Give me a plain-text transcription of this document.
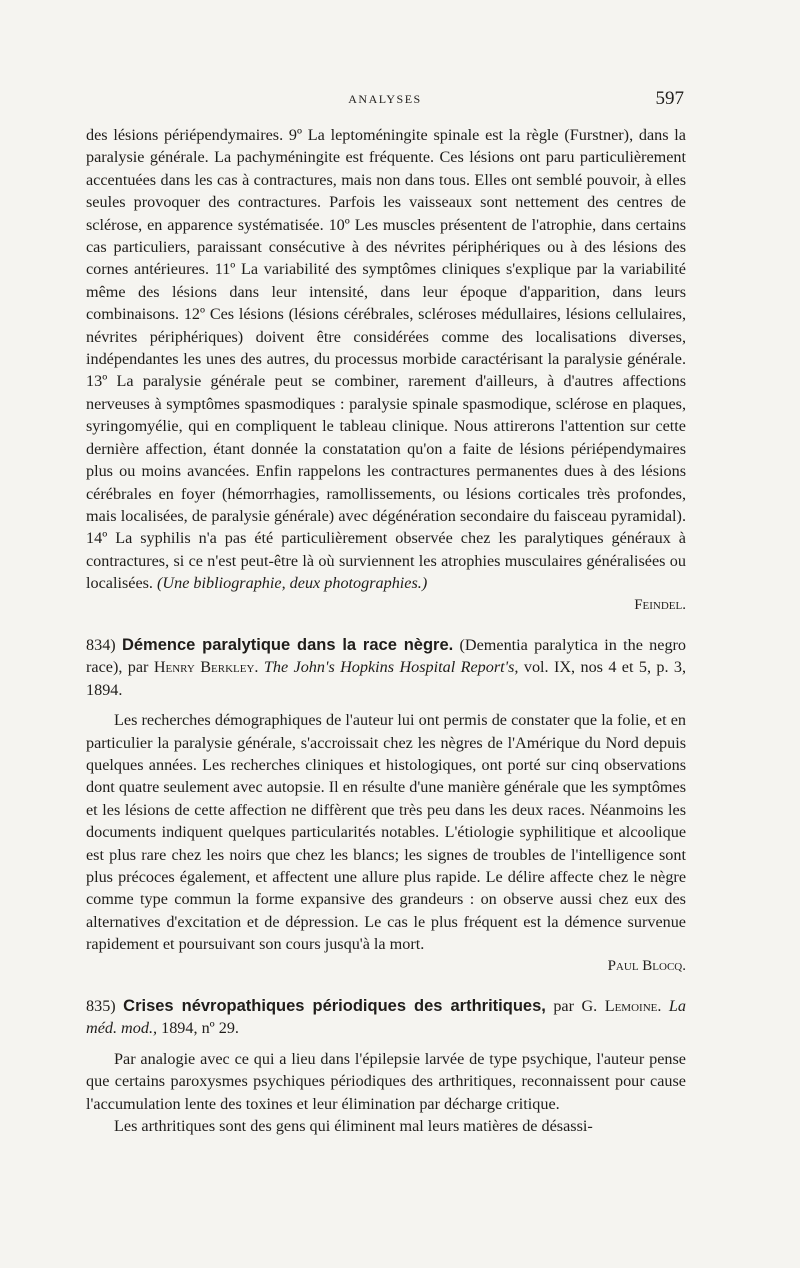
ANALYSES	597

des lésions périépendymaires. 9º La leptoméningite spinale est la règle (Furstner), dans la paralysie générale. La pachyméningite est fréquente. Ces lésions ont paru particulièrement accentuées dans les cas à contractures, mais non dans tous. Elles ont semblé pouvoir, à elles seules provoquer des contractures. Parfois les vaisseaux sont nettement des centres de sclérose, en apparence systématisée. 10º Les muscles présentent de l'atrophie, dans certains cas particuliers, paraissant consécutive à des névrites périphériques ou à des lésions des cornes antérieures. 11º La variabilité des symptômes cliniques s'explique par la variabilité même des lésions dans leur intensité, dans leur époque d'apparition, dans leurs combinaisons. 12º Ces lésions (lésions cérébrales, scléroses médullaires, lésions cellulaires, névrites périphériques) doivent être considérées comme des localisations diverses, indépendantes les unes des autres, du processus morbide caractérisant la paralysie générale. 13º La paralysie générale peut se combiner, rarement d'ailleurs, à d'autres affections nerveuses à symptômes spasmodiques : paralysie spinale spasmodique, sclérose en plaques, syringomyélie, qui en compliquent le tableau clinique. Nous attirerons l'attention sur cette dernière affection, étant donnée la constatation qu'on a faite de lésions périépendymaires plus ou moins avancées. Enfin rappelons les contractures permanentes dues à des lésions cérébrales en foyer (hémorrhagies, ramollissements, ou lésions corticales très profondes, mais localisées, de paralysie générale) avec dégénération secondaire du faisceau pyramidal). 14º La syphilis n'a pas été particulièrement observée chez les paralytiques généraux à contractures, si ce n'est peut-être là où surviennent les atrophies musculaires généralisées ou localisées. (Une bibliographie, deux photographies.)

Feindel.

834) Démence paralytique dans la race nègre. (Dementia paralytica in the negro race), par Henry Berkley. The John's Hopkins Hospital Report's, vol. IX, nos 4 et 5, p. 3, 1894.

Les recherches démographiques de l'auteur lui ont permis de constater que la folie, et en particulier la paralysie générale, s'accroissait chez les nègres de l'Amérique du Nord depuis quelques années. Les recherches cliniques et histologiques, ont porté sur cinq observations dont quatre seulement avec autopsie. Il en résulte d'une manière générale que les symptômes et les lésions de cette affection ne diffèrent que très peu dans les deux races. Néanmoins les documents indiquent quelques particularités notables. L'étiologie syphilitique et alcoolique est plus rare chez les noirs que chez les blancs; les signes de troubles de l'intelligence sont plus précoces également, et affectent une allure plus rapide. Le délire affecte chez le nègre comme type commun la forme expansive des grandeurs : on observe aussi chez eux des alternatives d'excitation et de dépression. Le cas le plus fréquent est la démence survenue rapidement et poursuivant son cours jusqu'à la mort.

Paul Blocq.

835) Crises névropathiques périodiques des arthritiques, par G. Lemoine. La méd. mod., 1894, nº 29.

Par analogie avec ce qui a lieu dans l'épilepsie larvée de type psychique, l'auteur pense que certains paroxysmes psychiques périodiques des arthritiques, reconnaissent pour cause l'accumulation lente des toxines et leur élimination par décharge critique.

Les arthritiques sont des gens qui éliminent mal leurs matières de désassi-
